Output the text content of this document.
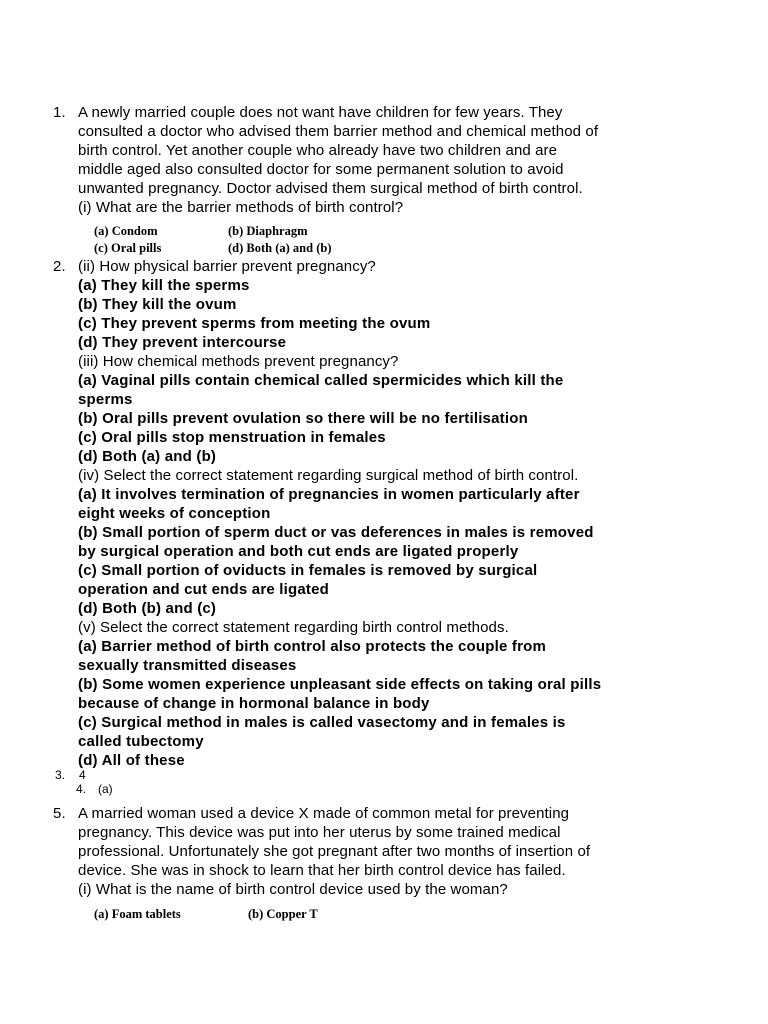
1. A newly married couple does not want have children for few years. They
consulted a doctor who advised them barrier method and chemical method of
birth control. Yet another couple who already have two children and are
middle aged also consulted doctor for some permanent solution to avoid
unwanted pregnancy. Doctor advised them surgical method of birth control.
(i) What are the barrier methods of birth control?
(a) Condom	(b) Diaphragm
(c) Oral pills	(d) Both (a) and (b)
2. (ii) How physical barrier prevent pregnancy?
(a) They kill the sperms
(b) They kill the ovum
(c) They prevent sperms from meeting the ovum
(d) They prevent intercourse
(iii) How chemical methods prevent pregnancy?
(a) Vaginal pills contain chemical called spermicides which kill the
sperms
(b) Oral pills prevent ovulation so there will be no fertilisation
(c) Oral pills stop menstruation in females
(d) Both (a) and (b)
(iv) Select the correct statement regarding surgical method of birth control.
(a) It involves termination of pregnancies in women particularly after
eight weeks of conception
(b) Small portion of sperm duct or vas deferences in males is removed
by surgical operation and both cut ends are ligated properly
(c) Small portion of oviducts in females is removed by surgical
operation and cut ends are ligated
(d) Both (b) and (c)
(v) Select the correct statement regarding birth control methods.
(a) Barrier method of birth control also protects the couple from
sexually transmitted diseases
(b) Some women experience unpleasant side effects on taking oral pills
because of change in hormonal balance in body
(c) Surgical method in males is called vasectomy and in females is
called tubectomy
(d) All of these
3. 4
4. (a)
5. A married woman used a device X made of common metal for preventing
pregnancy. This device was put into her uterus by some trained medical
professional. Unfortunately she got pregnant after two months of insertion of
device. She was in shock to learn that her birth control device has failed.
(i) What is the name of birth control device used by the woman?
(a) Foam tablets	(b) Copper T
